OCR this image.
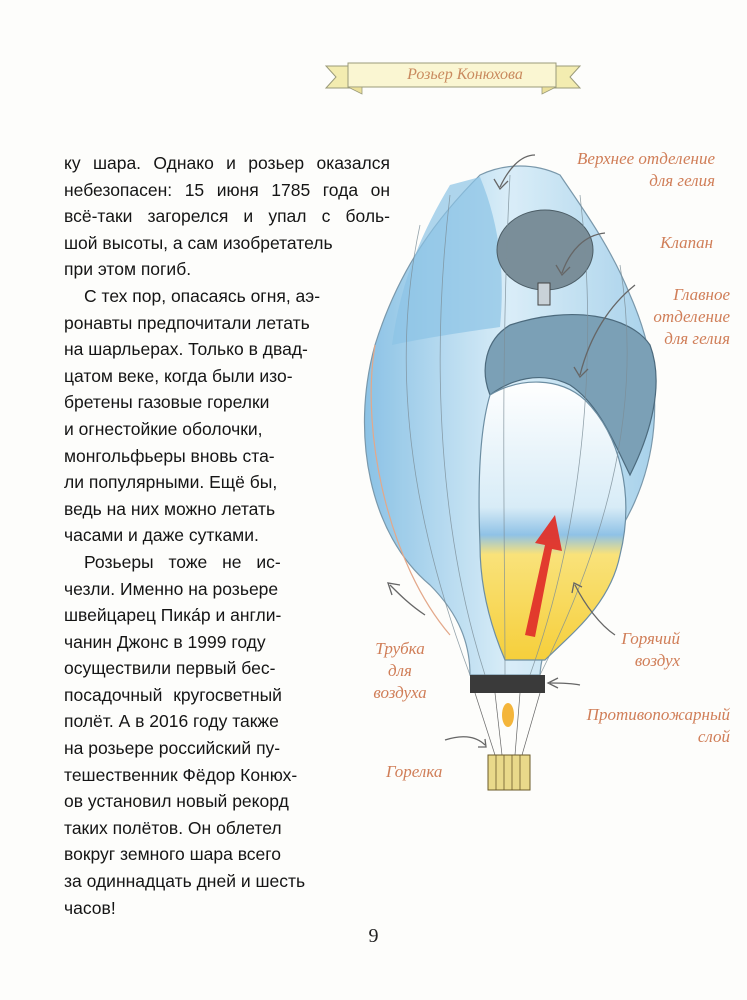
Розьер Конюхова
ку шара. Однако и розьер оказался
небезопасен: 15 июня 1785 года он
всё-таки загорелся и упал с боль-
шой высоты, а сам изобретатель
при этом погиб.
С тех пор, опасаясь огня, аэ-
ронавты предпочитали летать
на шарльерах. Только в двад-
цатом веке, когда были изо-
бретены газовые горелки
и огнестойкие оболочки,
монгольфьеры вновь ста-
ли популярными. Ещё бы,
ведь на них можно летать
часами и даже сутками.
Розьеры тоже не ис-
чезли. Именно на розьере
швейцарец Пика́р и англи-
чанин Джонс в 1999 году
осуществили первый бес-
посадочный кругосветный
полёт. А в 2016 году также
на розьере российский пу-
тешественник Фёдор Конюх-
ов установил новый рекорд
таких полётов. Он облетел
вокруг земного шара всего
за одиннадцать дней и шесть
часов!
Верхнее отделение
для гелия
Клапан
Главное
отделение
для гелия
Горячий
воздух
Трубка
для
воздуха
Противопожарный
слой
Горелка
9
